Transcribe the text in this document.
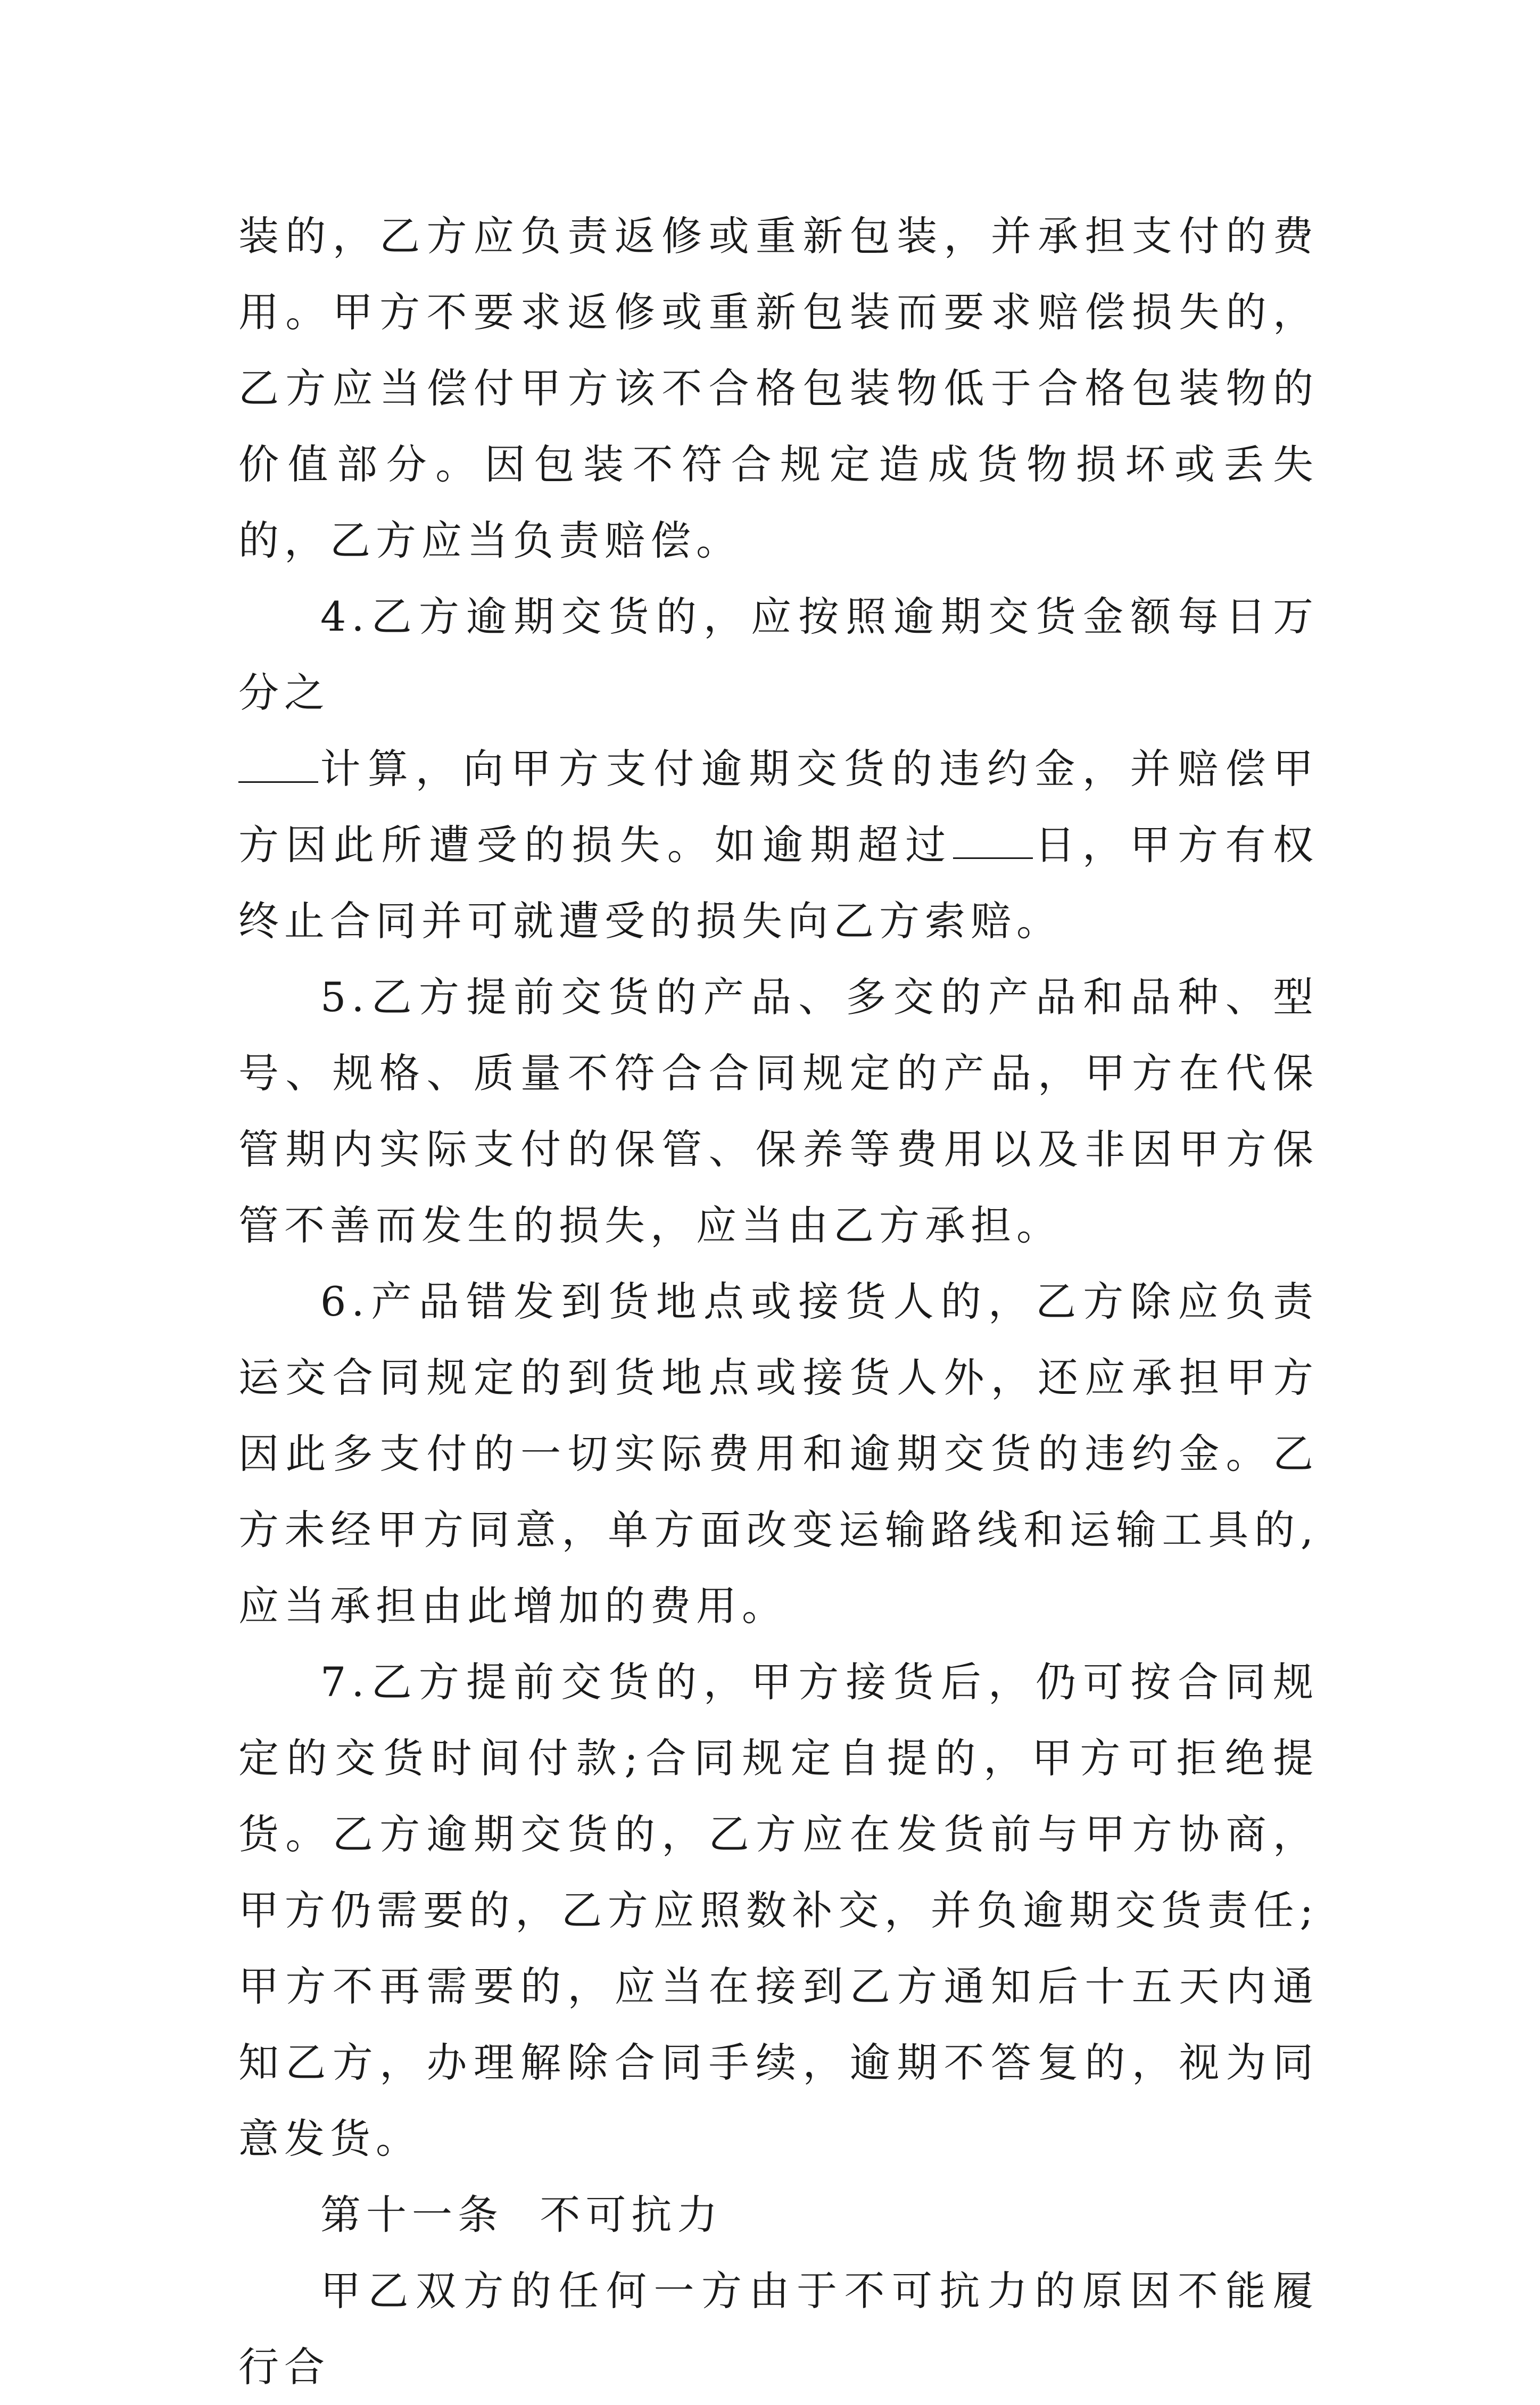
装的，乙方应负责返修或重新包装，并承担支付的费用。甲方不要求返修或重新包装而要求赔偿损失的，乙方应当偿付甲方该不合格包装物低于合格包装物的价值部分。因包装不符合规定造成货物损坏或丢失的，乙方应当负责赔偿。

4.乙方逾期交货的，应按照逾期交货金额每日万分之
计算，向甲方支付逾期交货的违约金，并赔偿甲方因此所遭受的损失。如逾期超过 日，甲方有权终止合同并可就遭受的损失向乙方索赔。

5.乙方提前交货的产品、多交的产品和品种、型号、规格、质量不符合合同规定的产品，甲方在代保管期内实际支付的保管、保养等费用以及非因甲方保管不善而发生的损失，应当由乙方承担。

6.产品错发到货地点或接货人的，乙方除应负责运交合同规定的到货地点或接货人外，还应承担甲方因此多支付的一切实际费用和逾期交货的违约金。乙方未经甲方同意，单方面改变运输路线和运输工具的,应当承担由此增加的费用。

7.乙方提前交货的，甲方接货后，仍可按合同规定的交货时间付款;合同规定自提的，甲方可拒绝提货。乙方逾期交货的，乙方应在发货前与甲方协商，甲方仍需要的，乙方应照数补交，并负逾期交货责任;甲方不再需要的，应当在接到乙方通知后十五天内通知乙方，办理解除合同手续，逾期不答复的，视为同意发货。

第十一条  不可抗力

甲乙双方的任何一方由于不可抗力的原因不能履行合
